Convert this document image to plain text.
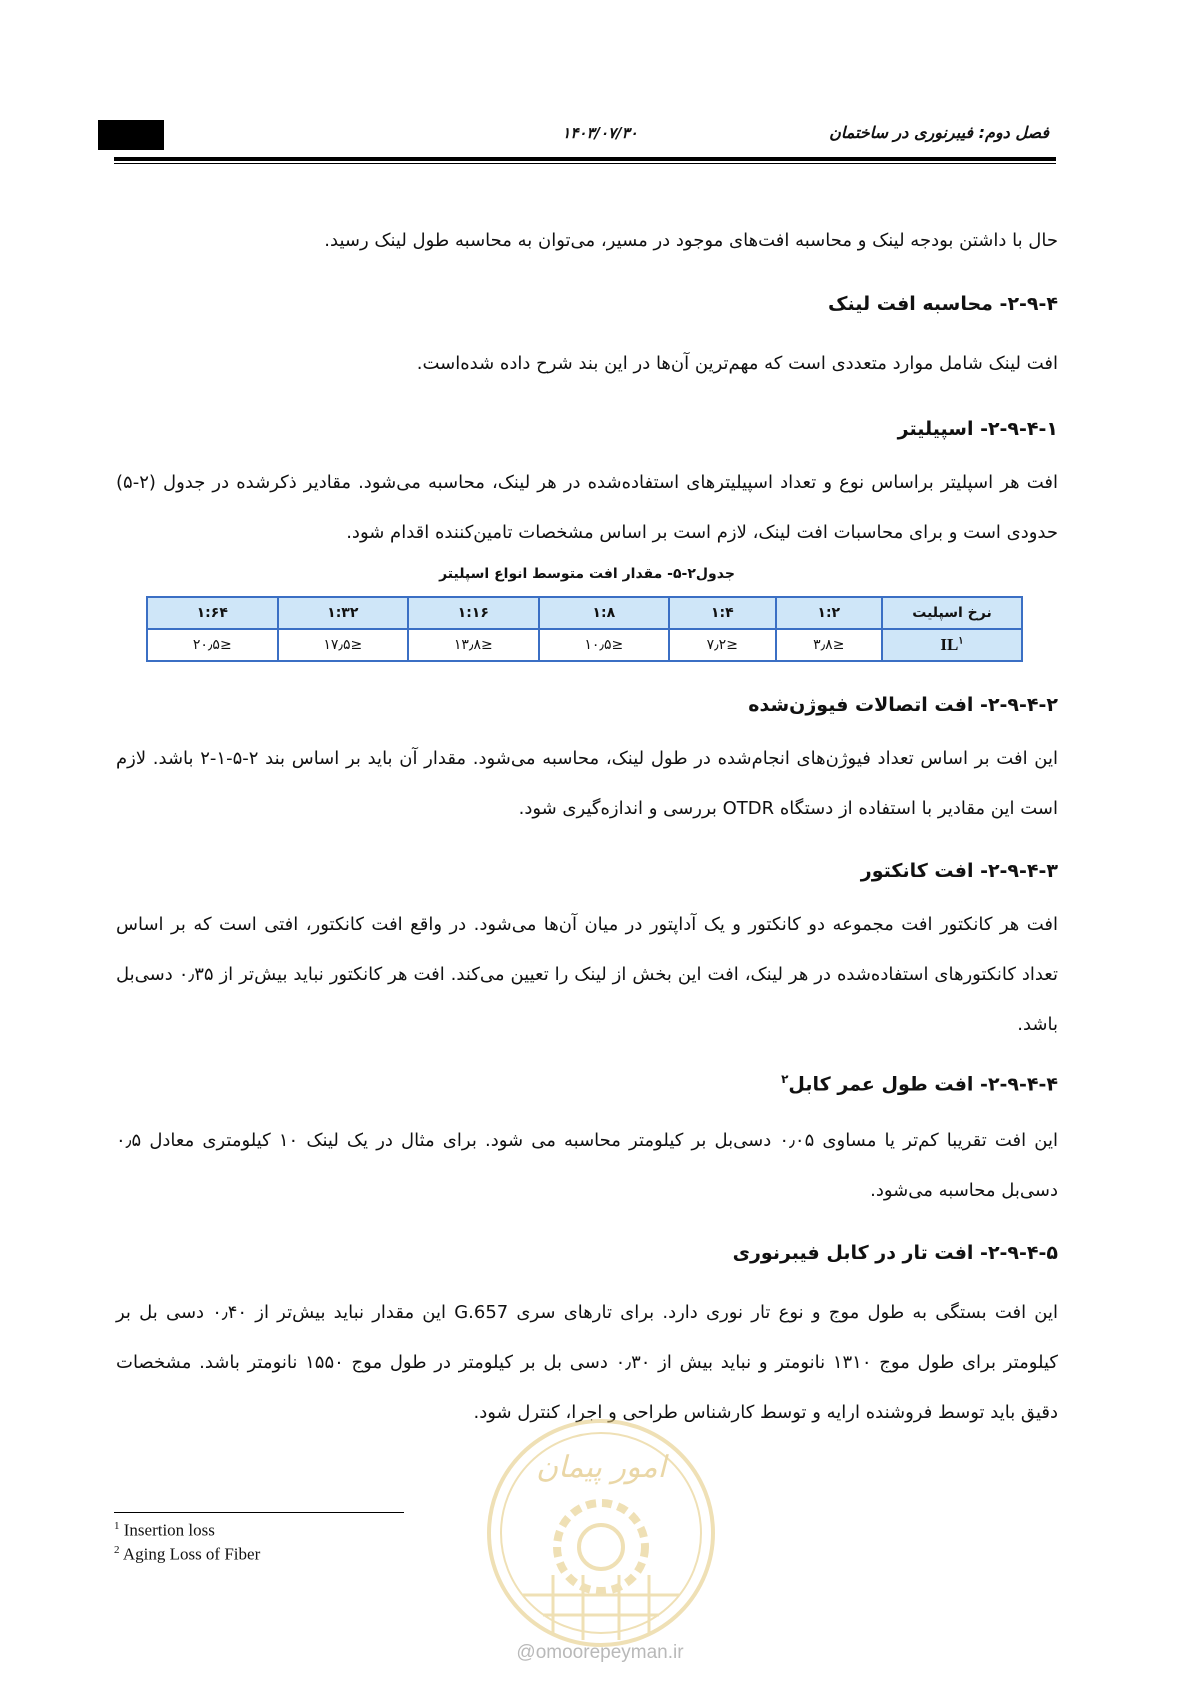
۱۴۰۳/۰۷/۳۰	فصل دوم: فیبرنوری در ساختمان

حال با داشتن بودجه لینک و محاسبه افت‌های موجود در مسیر، می‌توان به محاسبه طول لینک رسید.

۲-۹-۴- محاسبه افت لینک

افت لینک شامل موارد متعددی است که مهم‌ترین آن‌ها در این بند شرح داده شده‌است.

۲-۹-۴-۱- اسپیلیتر

افت هر اسپلیتر براساس نوع و تعداد اسپیلیترهای استفاده‌شده در هر لینک، محاسبه می‌شود. مقادیر ذکرشده در جدول (۲-۵) حدودی است و برای محاسبات افت لینک، لازم است بر اساس مشخصات تامین‌کننده اقدام شود.

جدول۲-۵- مقدار افت متوسط انواع اسپلیتر
نرخ اسپلیت	۱:۲	۱:۴	۱:۸	۱:۱۶	۱:۳۲	۱:۶۴
$IL^۱$	≤۳٫۸	≤۷٫۲	≤۱۰٫۵	≤۱۳٫۸	≤۱۷٫۵	≤۲۰٫۵

۲-۹-۴-۲- افت اتصالات فیوژن‌شده

این افت بر اساس تعداد فیوژن‌های انجام‌شده در طول لینک، محاسبه می‌شود. مقدار آن باید بر اساس بند ۲-۵-۱-۲ باشد. لازم است این مقادیر با استفاده از دستگاه OTDR بررسی و اندازه‌گیری شود.

۲-۹-۴-۳- افت کانکتور

افت هر کانکتور افت مجموعه دو کانکتور و یک آداپتور در میان آن‌ها می‌شود. در واقع افت کانکتور، افتی است که بر اساس تعداد کانکتورهای استفاده‌شده در هر لینک، افت این بخش از لینک را تعیین می‌کند. افت هر کانکتور نباید بیش‌تر از ۰٫۳۵ دسی‌بل باشد.

۲-۹-۴-۴- افت طول عمر کابل$^۲$

این افت تقریبا کم‌تر یا مساوی ۰٫۰۵ دسی‌بل بر کیلومتر محاسبه می شود. برای مثال در یک لینک ۱۰ کیلومتری معادل ۰٫۵ دسی‌بل محاسبه می‌شود.

۲-۹-۴-۵- افت تار در کابل فیبرنوری

این افت بستگی به طول موج و نوع تار نوری دارد. برای تارهای سری G.657 این مقدار نباید بیش‌تر از ۰٫۴۰ دسی بل بر کیلومتر برای طول موج ۱۳۱۰ نانومتر و نباید بیش از ۰٫۳۰ دسی بل بر کیلومتر در طول موج ۱۵۵۰ نانومتر باشد. مشخصات دقیق باید توسط فروشنده ارایه و توسط کارشناس طراحی و اجرا، کنترل شود.

امور پیمان
$^1$ Insertion loss
$^2$ Aging Loss of Fiber
@omoorepeyman.ir
